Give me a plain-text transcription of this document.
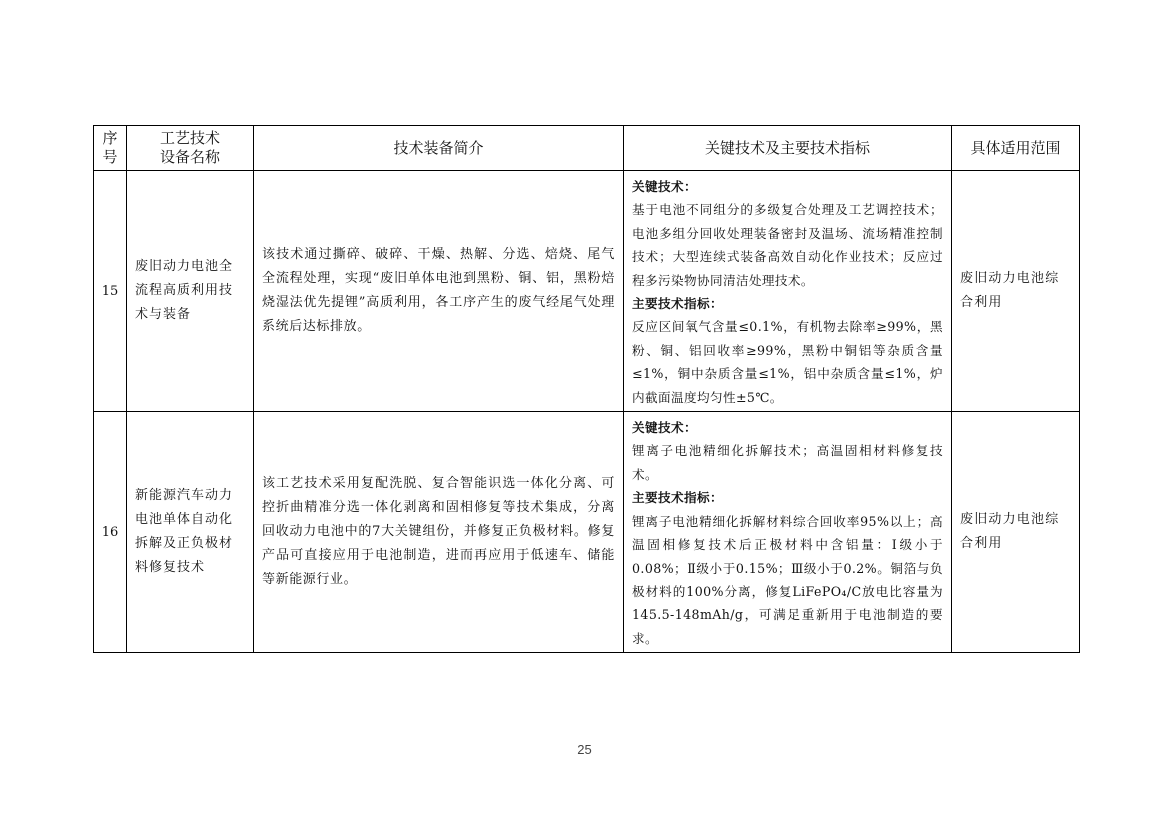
序号	工艺技术设备名称	技术装备简介	关键技术及主要技术指标	具体适用范围
15	废旧动力电池全流程高质利用技术与装备	该技术通过撕碎、破碎、干燥、热解、分选、焙烧、尾气全流程处理，实现“废旧单体电池到黑粉、铜、铝，黑粉焙烧湿法优先提锂”高质利用，各工序产生的废气经尾气处理系统后达标排放。	关键技术：
基于电池不同组分的多级复合处理及工艺调控技术；电池多组分回收处理装备密封及温场、流场精准控制技术；大型连续式装备高效自动化作业技术；反应过程多污染物协同清洁处理技术。
主要技术指标：
反应区间氧气含量≤0.1%，有机物去除率≥99%，黑粉、铜、铝回收率≥99%，黑粉中铜铝等杂质含量≤1%，铜中杂质含量≤1%，铝中杂质含量≤1%，炉内截面温度均匀性±5℃。	废旧动力电池综合利用
16	新能源汽车动力电池单体自动化拆解及正负极材料修复技术	该工艺技术采用复配洗脱、复合智能识选一体化分离、可控折曲精准分选一体化剥离和固相修复等技术集成，分离回收动力电池中的7大关键组份，并修复正负极材料。修复产品可直接应用于电池制造，进而再应用于低速车、储能等新能源行业。	关键技术：
锂离子电池精细化拆解技术；高温固相材料修复技术。
主要技术指标：
锂离子电池精细化拆解材料综合回收率95%以上；高温固相修复技术后正极材料中含铝量：Ⅰ级小于0.08%；Ⅱ级小于0.15%；Ⅲ级小于0.2%。铜箔与负极材料的100%分离，修复LiFePO₄/C放电比容量为145.5-148mAh/g，可满足重新用于电池制造的要求。	废旧动力电池综合利用
25
